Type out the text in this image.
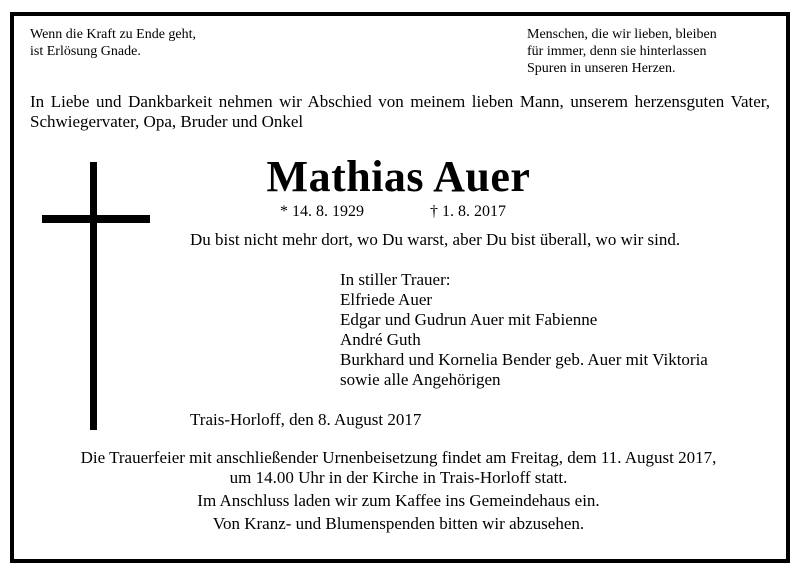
Wenn die Kraft zu Ende geht,
ist Erlösung Gnade.
Menschen, die wir lieben, bleiben
für immer, denn sie hinterlassen
Spuren in unseren Herzen.
In Liebe und Dankbarkeit nehmen wir Abschied von meinem lieben Mann, unserem herzensguten Vater, Schwiegervater, Opa, Bruder und Onkel
Mathias Auer
* 14. 8. 1929	† 1. 8. 2017
Du bist nicht mehr dort, wo Du warst, aber Du bist überall, wo wir sind.
In stiller Trauer:
Elfriede Auer
Edgar und Gudrun Auer mit Fabienne
André Guth
Burkhard und Kornelia Bender geb. Auer mit Viktoria
sowie alle Angehörigen
Trais-Horloff, den 8. August 2017
Die Trauerfeier mit anschließender Urnenbeisetzung findet am Freitag, dem 11. August 2017,
um 14.00 Uhr in der Kirche in Trais-Horloff statt.
Im Anschluss laden wir zum Kaffee ins Gemeindehaus ein.
Von Kranz- und Blumenspenden bitten wir abzusehen.
